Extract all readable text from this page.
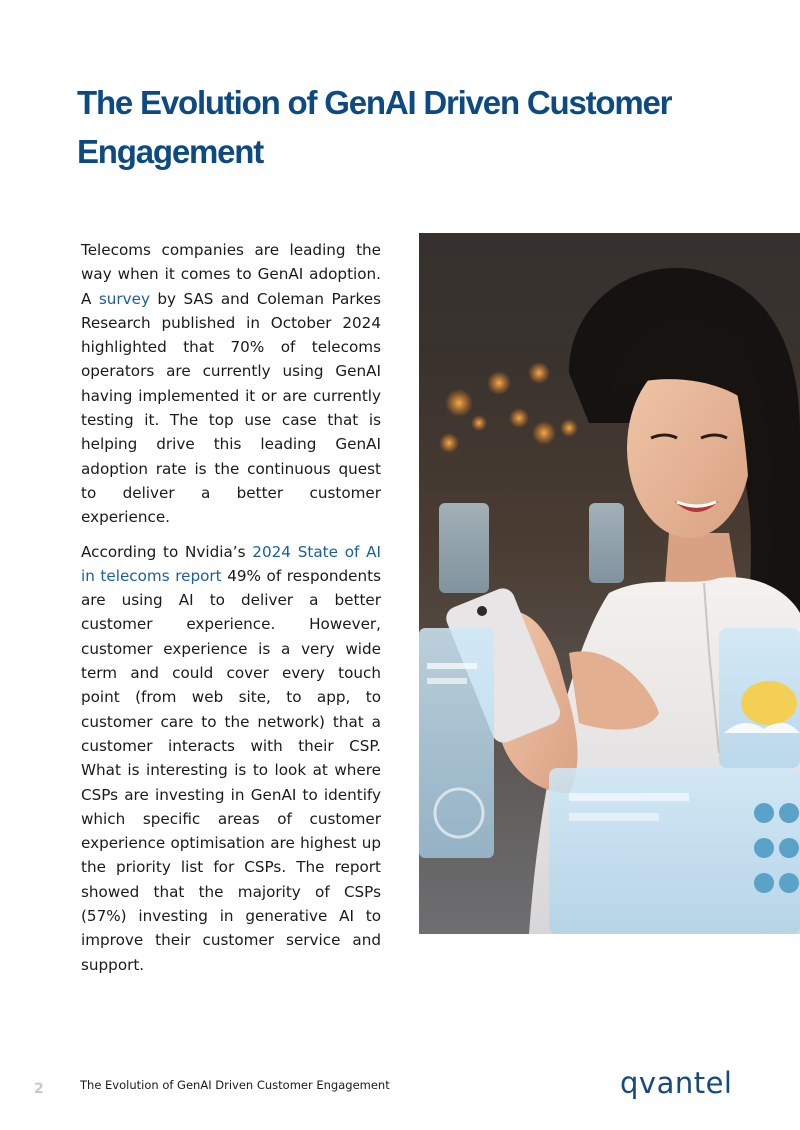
The Evolution of GenAI Driven Customer Engagement

Telecoms companies are leading the way when it comes to GenAI adoption. A survey by SAS and Coleman Parkes Research published in October 2024 highlighted that 70% of telecoms operators are currently using GenAI having implemented it or are currently testing it. The top use case that is helping drive this leading GenAI adoption rate is the continuous quest to deliver a better customer experience.

According to Nvidia’s 2024 State of AI in telecoms report 49% of respondents are using AI to deliver a better customer experience. However, customer experience is a very wide term and could cover every touch point (from web site, to app, to customer care to the network) that a customer interacts with their CSP. What is interesting is to look at where CSPs are investing in GenAI to identify which specific areas of customer experience optimisation are highest up the priority list for CSPs. The report showed that the majority of CSPs (57%) investing in generative AI to improve their customer service and support.

2	The Evolution of GenAI Driven Customer Engagement	qvantel
